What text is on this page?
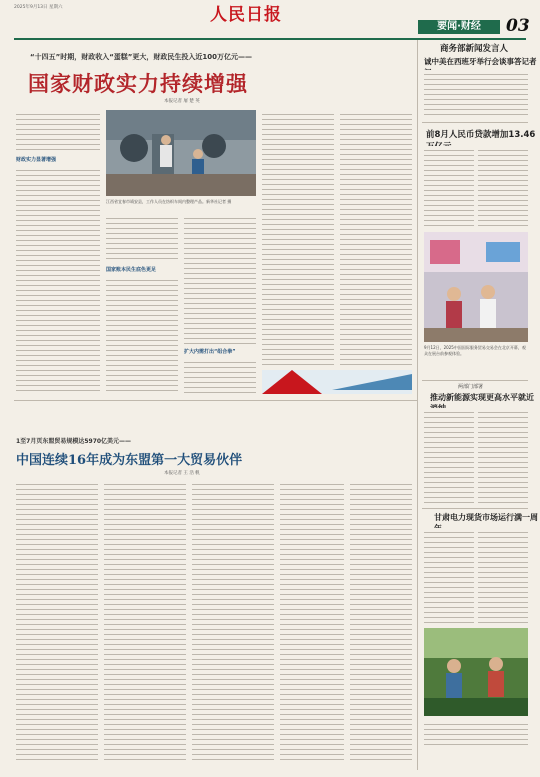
2025年9月13日 星期六	人民日报
要闻·财经	03
“十四五”时期，财政收入“蛋糕”更大，财政民生投入近100万亿元——
国家财政实力持续增强
本报记者 屠 楚 英
财政实力显著增强
江西省宜春市靖安县，工作人员在纺织车间内整理产品。新华社记者 摄
国家账本民生底色更足
扩大内需打出“组合拳”
商务部新闻发言人
诚中美在西班牙举行会谈事答记者
前8月人民币贷款增加13.46
9月12日，2025中国国际服务贸易交易会在北京开幕，观众在展台前参观体验。
两部门部署
推动新能源实现更高水平就近
甘肃电力现货市场运行满一周
1至7月页东盟贸易规模达5970亿美元——
中国连续16年成为东盟第一大贸易伙伴
本报记者 王 浩 帆
